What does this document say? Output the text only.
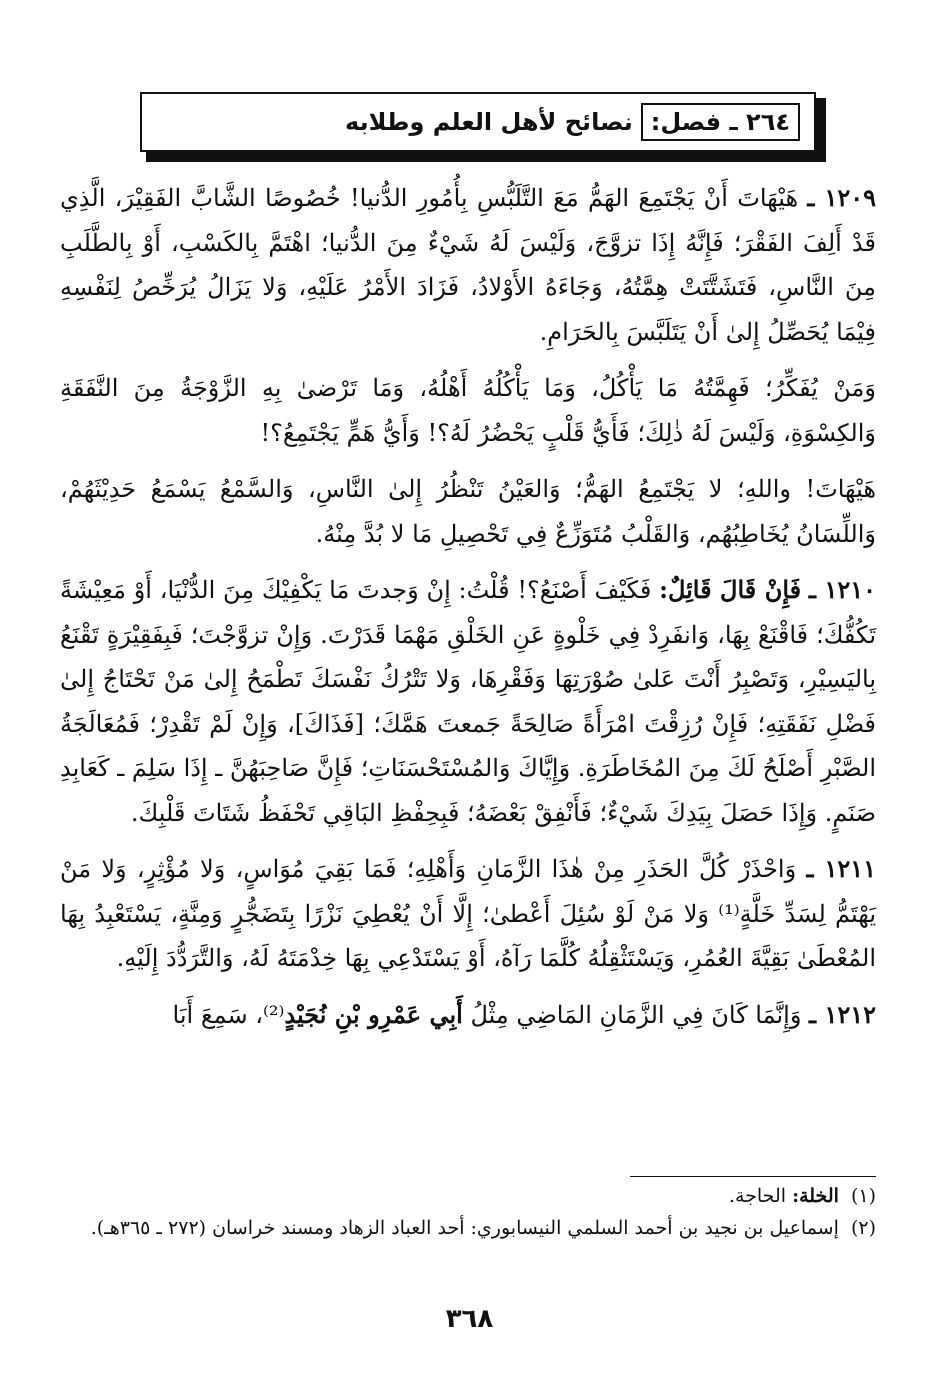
٢٦٤ ـ فصل:
نصائح لأهل العلم وطلابه

١٢٠٩ ـ هَيْهَاتَ أَنْ يَجْتَمِعَ الهَمُّ مَعَ التَّلَبُّسِ بِأُمُورِ الدُّنيا! خُصُوصًا الشَّابَّ الفَقِيْرَ، الَّذِي قَدْ أَلِفَ الفَقْرَ؛ فَإِنَّهُ إِذَا تزوَّجَ، وَلَيْسَ لَهُ شَيْءٌ مِنَ الدُّنيا؛ اهْتَمَّ بِالكَسْبِ، أَوْ بِالطَّلَبِ مِنَ النَّاسِ، فَتَشَتَّتَتْ هِمَّتُهُ، وَجَاءَهُ الأَوْلادُ، فَزَادَ الأَمْرُ عَلَيْهِ، وَلا يَزَالُ يُرَخِّصُ لِنَفْسِهِ فِيْمَا يُحَصِّلُ إِلىٰ أَنْ يَتَلَبَّسَ بِالحَرَامِ.

وَمَنْ يُفَكِّرُ؛ فَهِمَّتُهُ مَا يَأْكُلُ، وَمَا يَأْكُلُهُ أَهْلُهُ، وَمَا تَرْضىٰ بِهِ الزَّوْجَةُ مِنَ النَّفَقَةِ وَالكِسْوَةِ، وَلَيْسَ لَهُ ذٰلِكَ؛ فَأَيُّ قَلْبٍ يَحْضُرُ لَهُ؟! وَأَيُّ هَمٍّ يَجْتَمِعُ؟!

هَيْهَاتَ! واللهِ؛ لا يَجْتَمِعُ الهَمُّ؛ وَالعَيْنُ تَنْظُرُ إِلىٰ النَّاسِ، وَالسَّمْعُ يَسْمَعُ حَدِيْثَهُمْ، وَاللِّسَانُ يُخَاطِبُهُم، وَالقَلْبُ مُتَوَزِّعٌ فِي تَحْصِيلِ مَا لا بُدَّ مِنْهُ.

١٢١٠ ـ فَإِنْ قَالَ قَائِلٌ: فَكَيْفَ أَصْنَعُ؟! قُلْتُ: إِنْ وَجدتَ مَا يَكْفِيْكَ مِنَ الدُّنْيَا، أَوْ مَعِيْشَةً تَكُفُّكَ؛ فَاقْنَعْ بِهَا، وَانفَرِدْ فِي خَلْوةٍ عَنِ الخَلْقِ مَهْمَا قَدَرْتَ. وَإِنْ تزوَّجْتَ؛ فَبِفَقِيْرَةٍ تَقْنَعُ بِاليَسِيْرِ، وَتَصْبِرُ أَنْتَ عَلىٰ صُوْرَتِهَا وَفَقْرِهَا، وَلا تَتْرُكُ نَفْسَكَ تَطْمَحُ إِلىٰ مَنْ تَحْتَاجُ إِلىٰ فَضْلِ نَفَقَتِهِ؛ فَإِنْ رُزِقْتَ امْرَأَةً صَالِحَةً جَمعتَ هَمَّكَ؛ [فَذَاكَ]، وَإِنْ لَمْ تَقْدِرْ؛ فَمُعَالَجَةُ الصَّبْرِ أَصْلَحُ لَكَ مِنَ المُخَاطَرَةِ. وَإِيَّاكَ وَالمُسْتَحْسَنَاتِ؛ فَإِنَّ صَاحِبَهُنَّ ـ إِذَا سَلِمَ ـ كَعَابِدِ صَنَمٍ. وَإِذَا حَصَلَ بِيَدِكَ شَيْءٌ؛ فَأَنْفِقْ بَعْضَهُ؛ فَبِحِفْظِ البَاقِي تَحْفَظُ شَتَاتَ قَلْبِكَ.

١٢١١ ـ وَاحْذَرْ كُلَّ الحَذَرِ مِنْ هٰذَا الزَّمَانِ وَأَهْلِهِ؛ فَمَا بَقِيَ مُوَاسٍ، وَلا مُؤْثِرٍ، وَلا مَنْ يَهْتَمُّ لِسَدِّ خَلَّةٍ⁽¹⁾ وَلا مَنْ لَوْ سُئِلَ أَعْطىٰ؛ إِلَّا أَنْ يُعْطِيَ نَزْرًا بِتَضَجُّرٍ وَمِنَّةٍ، يَسْتَعْبِدُ بِهَا المُعْطَىٰ بَقِيَّةَ العُمُرِ، وَيَسْتَثْقِلُهُ كُلَّمَا رَآهُ، أَوْ يَسْتَدْعِي بِهَا خِدْمَتَهُ لَهُ، وَالتَّرَدُّدَ إِلَيْهِ.

١٢١٢ ـ وَإِنَّمَا كَانَ فِي الزَّمَانِ المَاضِي مِثْلُ أَبِي عَمْرِو بْنِ نُجَيْدٍ⁽²⁾، سَمِعَ أَبَا

(١) الخلة: الحاجة.

(٢) إسماعيل بن نجيد بن أحمد السلمي النيسابوري: أحد العباد الزهاد ومسند خراسان (٢٧٢ ـ ٣٦٥هـ).

٣٦٨
